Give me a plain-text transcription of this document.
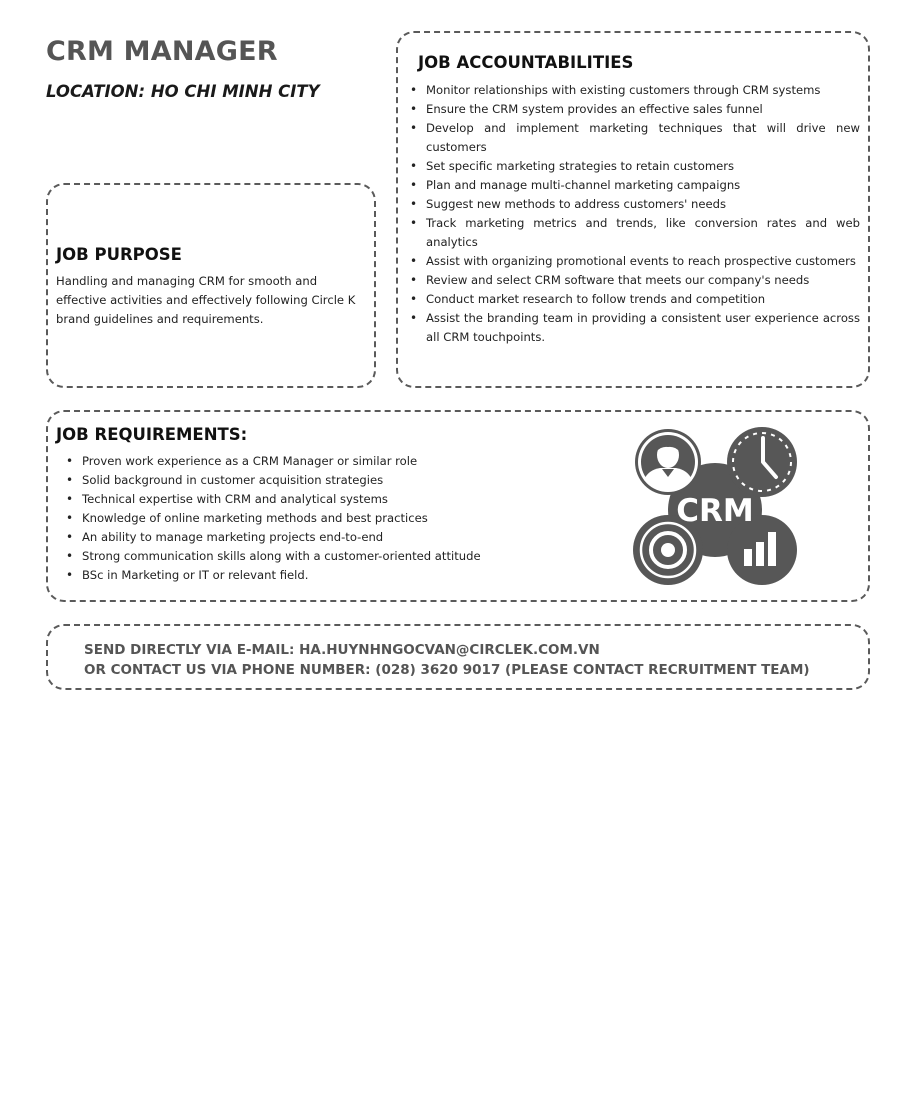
CRM MANAGER
LOCATION: HO CHI MINH CITY
JOB PURPOSE

Handling and managing CRM for smooth and effective activities and effectively following Circle K brand guidelines and requirements.

JOB ACCOUNTABILITIES
• Monitor relationships with existing customers through CRM systems
• Ensure the CRM system provides an effective sales funnel
• Develop and implement marketing techniques that will drive new customers
• Set specific marketing strategies to retain customers
• Plan and manage multi-channel marketing campaigns
• Suggest new methods to address customers' needs
• Track marketing metrics and trends, like conversion rates and web analytics
• Assist with organizing promotional events to reach prospective customers
• Review and select CRM software that meets our company's needs
• Conduct market research to follow trends and competition
• Assist the branding team in providing a consistent user experience across all CRM touchpoints.
JOB REQUIREMENTS:
• Proven work experience as a CRM Manager or similar role
• Solid background in customer acquisition strategies
• Technical expertise with CRM and analytical systems
• Knowledge of online marketing methods and best practices
• An ability to manage marketing projects end-to-end
• Strong communication skills along with a customer-oriented attitude
• BSc in Marketing or IT or relevant field.
CRM
SEND DIRECTLY VIA E-MAIL: HA.HUYNHNGOCVAN@CIRCLEK.COM.VN
OR CONTACT US VIA PHONE NUMBER: (028) 3620 9017 (PLEASE CONTACT RECRUITMENT TEAM)
